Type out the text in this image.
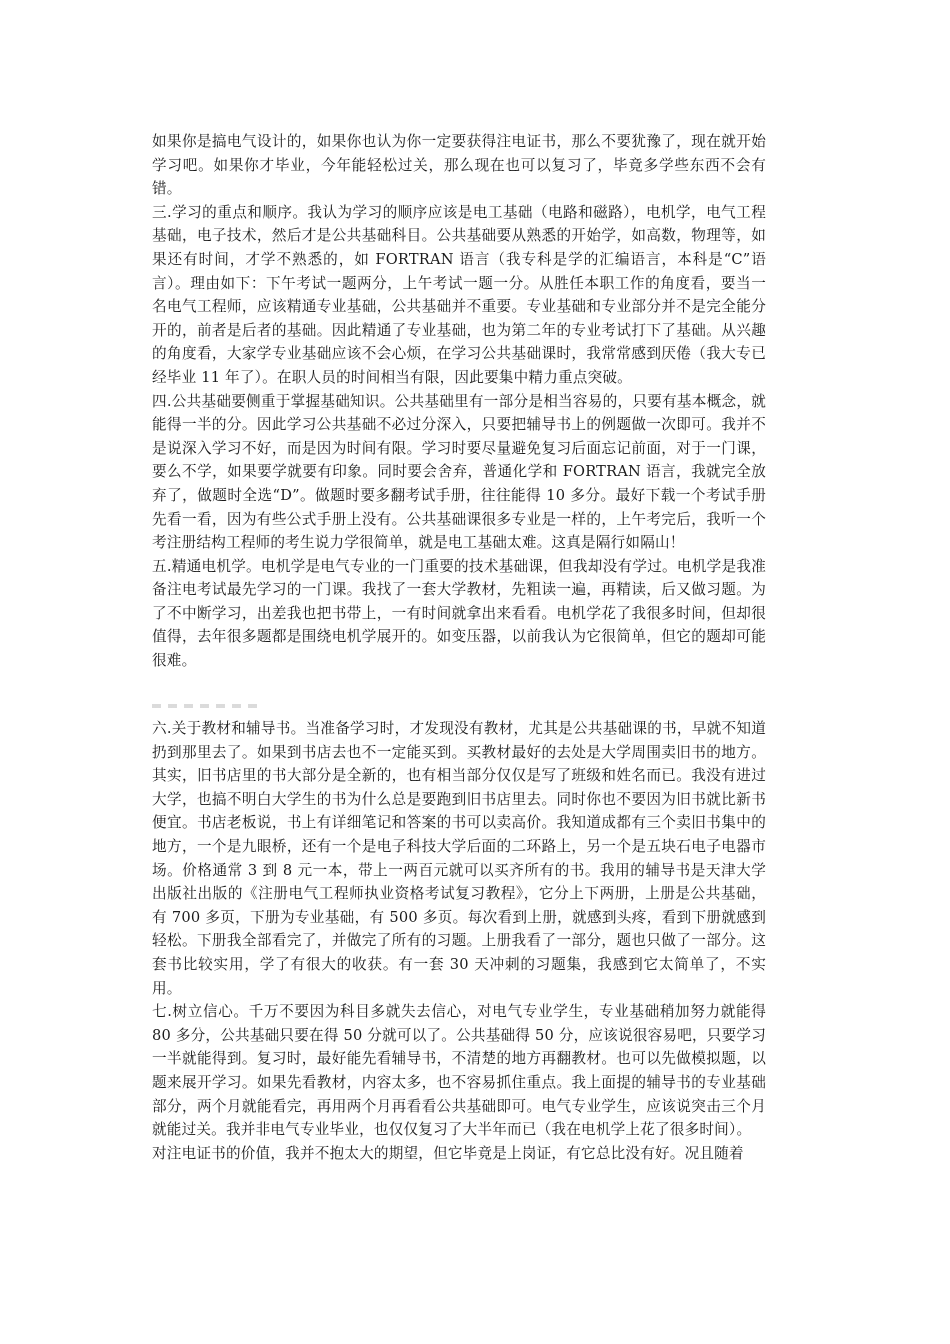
如果你是搞电气设计的，如果你也认为你一定要获得注电证书，那么不要犹豫了，现在就开始学习吧。如果你才毕业，今年能轻松过关，那么现在也可以复习了，毕竟多学些东西不会有错。

三.学习的重点和顺序。我认为学习的顺序应该是电工基础（电路和磁路），电机学，电气工程基础，电子技术，然后才是公共基础科目。公共基础要从熟悉的开始学，如高数，物理等，如果还有时间，才学不熟悉的，如 FORTRAN 语言（我专科是学的汇编语言，本科是“C”语言）。理由如下：下午考试一题两分，上午考试一题一分。从胜任本职工作的角度看，要当一名电气工程师，应该精通专业基础，公共基础并不重要。专业基础和专业部分并不是完全能分开的，前者是后者的基础。因此精通了专业基础，也为第二年的专业考试打下了基础。从兴趣的角度看，大家学专业基础应该不会心烦，在学习公共基础课时，我常常感到厌倦（我大专已经毕业 11 年了）。在职人员的时间相当有限，因此要集中精力重点突破。

四.公共基础要侧重于掌握基础知识。公共基础里有一部分是相当容易的，只要有基本概念，就能得一半的分。因此学习公共基础不必过分深入，只要把辅导书上的例题做一次即可。我并不是说深入学习不好，而是因为时间有限。学习时要尽量避免复习后面忘记前面，对于一门课，要么不学，如果要学就要有印象。同时要会舍弃，普通化学和 FORTRAN 语言，我就完全放弃了，做题时全选“D”。做题时要多翻考试手册，往往能得 10 多分。最好下载一个考试手册先看一看，因为有些公式手册上没有。公共基础课很多专业是一样的，上午考完后，我听一个考注册结构工程师的考生说力学很简单，就是电工基础太难。这真是隔行如隔山！

五.精通电机学。电机学是电气专业的一门重要的技术基础课，但我却没有学过。电机学是我准备注电考试最先学习的一门课。我找了一套大学教材，先粗读一遍，再精读，后又做习题。为了不中断学习，出差我也把书带上，一有时间就拿出来看看。电机学花了我很多时间，但却很值得，去年很多题都是围绕电机学展开的。如变压器，以前我认为它很简单，但它的题却可能很难。

六.关于教材和辅导书。当准备学习时，才发现没有教材，尤其是公共基础课的书，早就不知道扔到那里去了。如果到书店去也不一定能买到。买教材最好的去处是大学周围卖旧书的地方。其实，旧书店里的书大部分是全新的，也有相当部分仅仅是写了班级和姓名而已。我没有进过大学，也搞不明白大学生的书为什么总是要跑到旧书店里去。同时你也不要因为旧书就比新书便宜。书店老板说，书上有详细笔记和答案的书可以卖高价。我知道成都有三个卖旧书集中的地方，一个是九眼桥，还有一个是电子科技大学后面的二环路上，另一个是五块石电子电器市场。价格通常 3 到 8 元一本，带上一两百元就可以买齐所有的书。我用的辅导书是天津大学出版社出版的《注册电气工程师执业资格考试复习教程》，它分上下两册，上册是公共基础，有 700 多页，下册为专业基础，有 500 多页。每次看到上册，就感到头疼，看到下册就感到轻松。下册我全部看完了，并做完了所有的习题。上册我看了一部分，题也只做了一部分。这套书比较实用，学了有很大的收获。有一套 30 天冲刺的习题集，我感到它太简单了，不实用。

七.树立信心。千万不要因为科目多就失去信心，对电气专业学生，专业基础稍加努力就能得 80 多分，公共基础只要在得 50 分就可以了。公共基础得 50 分，应该说很容易吧，只要学习一半就能得到。复习时，最好能先看辅导书，不清楚的地方再翻教材。也可以先做模拟题，以题来展开学习。如果先看教材，内容太多，也不容易抓住重点。我上面提的辅导书的专业基础部分，两个月就能看完，再用两个月再看看公共基础即可。电气专业学生，应该说突击三个月就能过关。我并非电气专业毕业，也仅仅复习了大半年而已（我在电机学上花了很多时间）。

对注电证书的价值，我并不抱太大的期望，但它毕竟是上岗证，有它总比没有好。况且随着
